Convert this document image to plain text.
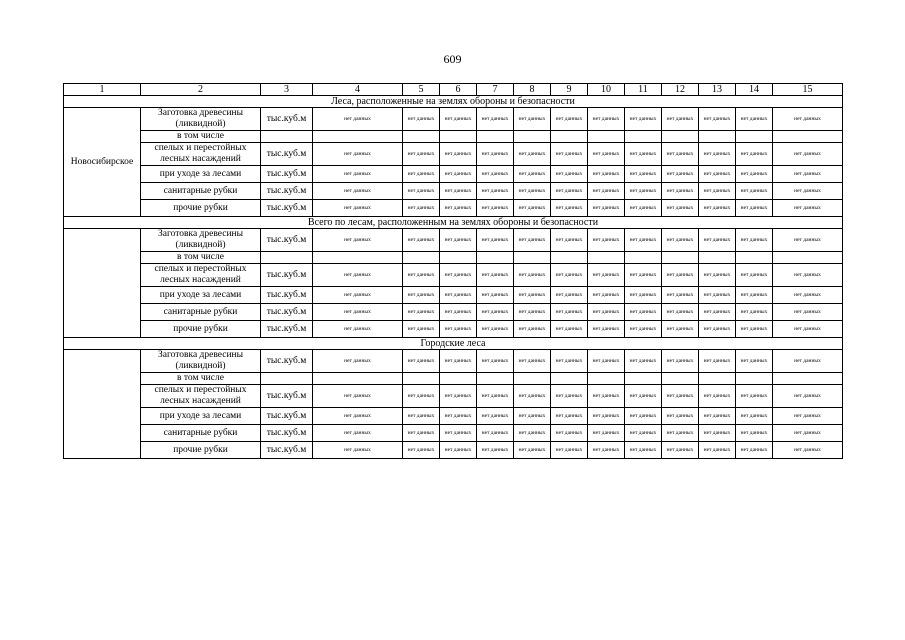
609
1	2	3	4	5	6	7	8	9	10	11	12	13	14	15
Леса, расположенные на землях обороны и безопасности														
Новосибирское	Заготовка древесины (ликвидной)	тыс.куб.м	нет данных	нет данных	нет данных	нет данных	нет данных	нет данных	нет данных	нет данных	нет данных	нет данных	нет данных	нет данных
	в том числе													
	спелых и перестойных лесных насаждений	тыс.куб.м	нет данных	нет данных	нет данных	нет данных	нет данных	нет данных	нет данных	нет данных	нет данных	нет данных	нет данных	нет данных
	при уходе за лесами	тыс.куб.м	нет данных	нет данных	нет данных	нет данных	нет данных	нет данных	нет данных	нет данных	нет данных	нет данных	нет данных	нет данных
	санитарные рубки	тыс.куб.м	нет данных	нет данных	нет данных	нет данных	нет данных	нет данных	нет данных	нет данных	нет данных	нет данных	нет данных	нет данных
	прочие рубки	тыс.куб.м	нет данных	нет данных	нет данных	нет данных	нет данных	нет данных	нет данных	нет данных	нет данных	нет данных	нет данных	нет данных
Всего по лесам, расположенным на землях обороны и безопасности														
	Заготовка древесины (ликвидной)	тыс.куб.м	нет данных	нет данных	нет данных	нет данных	нет данных	нет данных	нет данных	нет данных	нет данных	нет данных	нет данных	нет данных
	в том числе													
	спелых и перестойных лесных насаждений	тыс.куб.м	нет данных	нет данных	нет данных	нет данных	нет данных	нет данных	нет данных	нет данных	нет данных	нет данных	нет данных	нет данных
	при уходе за лесами	тыс.куб.м	нет данных	нет данных	нет данных	нет данных	нет данных	нет данных	нет данных	нет данных	нет данных	нет данных	нет данных	нет данных
	санитарные рубки	тыс.куб.м	нет данных	нет данных	нет данных	нет данных	нет данных	нет данных	нет данных	нет данных	нет данных	нет данных	нет данных	нет данных
	прочие рубки	тыс.куб.м	нет данных	нет данных	нет данных	нет данных	нет данных	нет данных	нет данных	нет данных	нет данных	нет данных	нет данных	нет данных
Городские леса														
	Заготовка древесины (ликвидной)	тыс.куб.м	нет данных	нет данных	нет данных	нет данных	нет данных	нет данных	нет данных	нет данных	нет данных	нет данных	нет данных	нет данных
	в том числе													
	спелых и перестойных лесных насаждений	тыс.куб.м	нет данных	нет данных	нет данных	нет данных	нет данных	нет данных	нет данных	нет данных	нет данных	нет данных	нет данных	нет данных
	при уходе за лесами	тыс.куб.м	нет данных	нет данных	нет данных	нет данных	нет данных	нет данных	нет данных	нет данных	нет данных	нет данных	нет данных	нет данных
	санитарные рубки	тыс.куб.м	нет данных	нет данных	нет данных	нет данных	нет данных	нет данных	нет данных	нет данных	нет данных	нет данных	нет данных	нет данных
	прочие рубки	тыс.куб.м	нет данных	нет данных	нет данных	нет данных	нет данных	нет данных	нет данных	нет данных	нет данных	нет данных	нет данных	нет данных
